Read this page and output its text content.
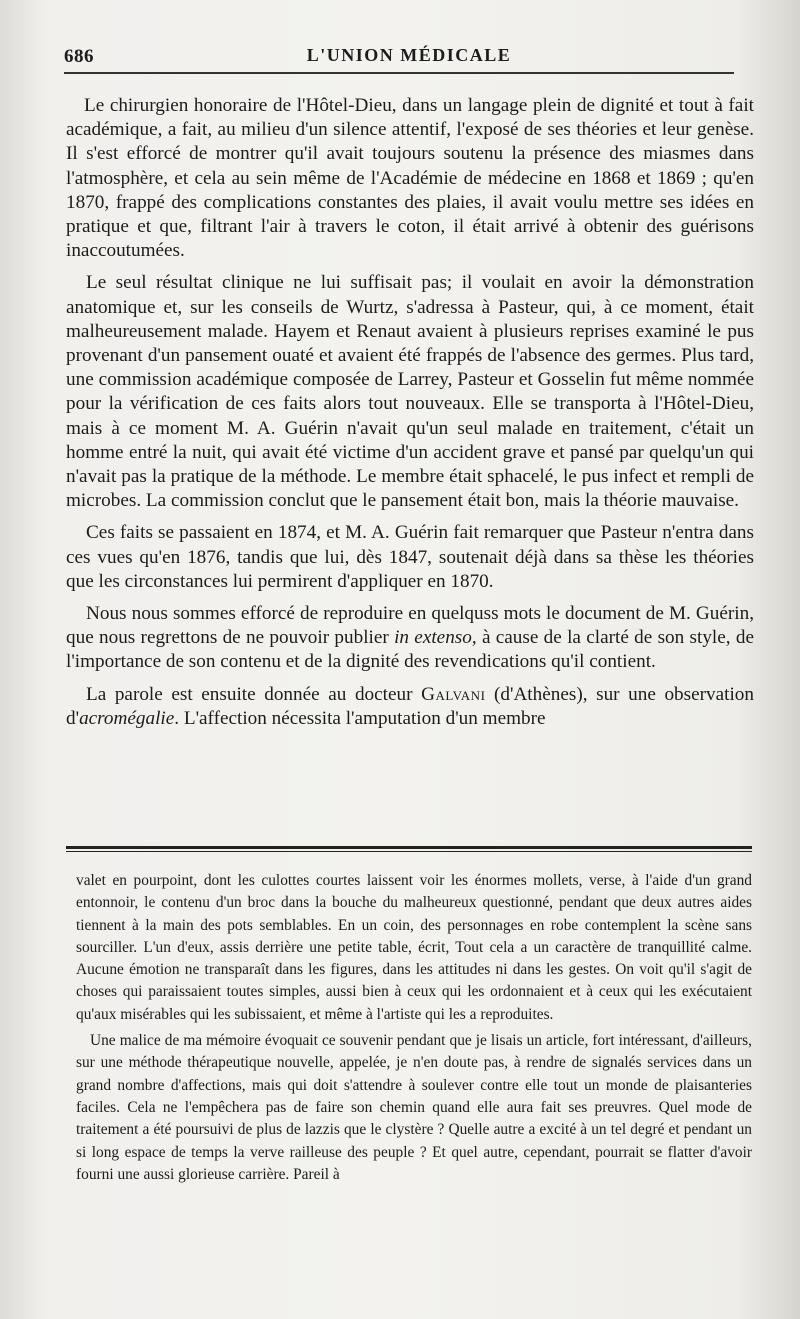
686	L'UNION MÉDICALE

Le chirurgien honoraire de l'Hôtel-Dieu, dans un langage plein de dignité et tout à fait académique, a fait, au milieu d'un silence attentif, l'exposé de ses théories et leur genèse. Il s'est efforcé de montrer qu'il avait toujours soutenu la présence des miasmes dans l'atmosphère, et cela au sein même de l'Académie de médecine en 1868 et 1869 ; qu'en 1870, frappé des complications constantes des plaies, il avait voulu mettre ses idées en pratique et que, filtrant l'air à travers le coton, il était arrivé à obtenir des guérisons inaccoutumées.

Le seul résultat clinique ne lui suffisait pas; il voulait en avoir la démonstration anatomique et, sur les conseils de Wurtz, s'adressa à Pasteur, qui, à ce moment, était malheureusement malade. Hayem et Renaut avaient à plusieurs reprises examiné le pus provenant d'un pansement ouaté et avaient été frappés de l'absence des germes. Plus tard, une commission académique composée de Larrey, Pasteur et Gosselin fut même nommée pour la vérification de ces faits alors tout nouveaux. Elle se transporta à l'Hôtel-Dieu, mais à ce moment M. A. Guérin n'avait qu'un seul malade en traitement, c'était un homme entré la nuit, qui avait été victime d'un accident grave et pansé par quelqu'un qui n'avait pas la pratique de la méthode. Le membre était sphacelé, le pus infect et rempli de microbes. La commission conclut que le pansement était bon, mais la théorie mauvaise.

Ces faits se passaient en 1874, et M. A. Guérin fait remarquer que Pasteur n'entra dans ces vues qu'en 1876, tandis que lui, dès 1847, soutenait déjà dans sa thèse les théories que les circonstances lui permirent d'appliquer en 1870.

Nous nous sommes efforcé de reproduire en quelquss mots le document de M. Guérin, que nous regrettons de ne pouvoir publier in extenso, à cause de la clarté de son style, de l'importance de son contenu et de la dignité des revendications qu'il contient.

La parole est ensuite donnée au docteur Galvani (d'Athènes), sur une observation d'acromégalie. L'affection nécessita l'amputation d'un membre

valet en pourpoint, dont les culottes courtes laissent voir les énormes mollets, verse, à l'aide d'un grand entonnoir, le contenu d'un broc dans la bouche du malheureux questionné, pendant que deux autres aides tiennent à la main des pots semblables. En un coin, des personnages en robe contemplent la scène sans sourciller. L'un d'eux, assis derrière une petite table, écrit, Tout cela a un caractère de tranquillité calme. Aucune émotion ne transparaît dans les figures, dans les attitudes ni dans les gestes. On voit qu'il s'agit de choses qui paraissaient toutes simples, aussi bien à ceux qui les ordonnaient et à ceux qui les exécutaient qu'aux misérables qui les subissaient, et même à l'artiste qui les a reproduites.

Une malice de ma mémoire évoquait ce souvenir pendant que je lisais un article, fort intéressant, d'ailleurs, sur une méthode thérapeutique nouvelle, appelée, je n'en doute pas, à rendre de signalés services dans un grand nombre d'affections, mais qui doit s'attendre à soulever contre elle tout un monde de plaisanteries faciles. Cela ne l'empêchera pas de faire son chemin quand elle aura fait ses preuvres. Quel mode de traitement a été poursuivi de plus de lazzis que le clystère ? Quelle autre a excité à un tel degré et pendant un si long espace de temps la verve railleuse des peuple ? Et quel autre, cependant, pourrait se flatter d'avoir fourni une aussi glorieuse carrière. Pareil à
